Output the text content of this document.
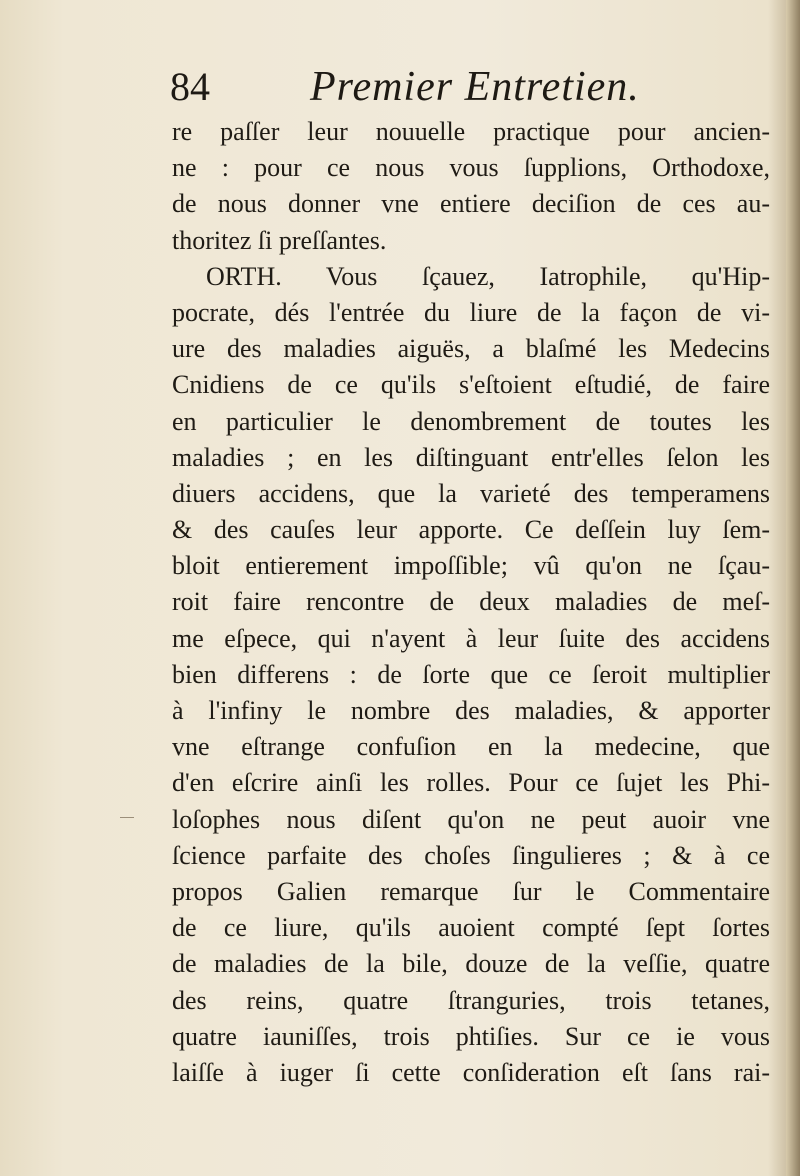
84 Premier Entretien.
re paſſer leur nouuelle practique pour ancien-
ne : pour ce nous vous ſupplions, Orthodoxe,
de nous donner vne entiere deciſion de ces au-
thoritez ſi preſſantes.
ORTH. Vous ſçauez, Iatrophile, qu'Hip-
pocrate, dés l'entrée du liure de la façon de vi-
ure des maladies aiguës, a blaſmé les Medecins
Cnidiens de ce qu'ils s'eſtoient eſtudié, de faire
en particulier le denombrement de toutes les
maladies ; en les diſtinguant entr'elles ſelon les
diuers accidens, que la varieté des temperamens
& des cauſes leur apporte. Ce deſſein luy ſem-
bloit entierement impoſſible; vû qu'on ne ſçau-
roit faire rencontre de deux maladies de meſ-
me eſpece, qui n'ayent à leur ſuite des accidens
bien differens : de ſorte que ce ſeroit multiplier
à l'infiny le nombre des maladies, & apporter
vne eſtrange confuſion en la medecine, que
d'en eſcrire ainſi les rolles. Pour ce ſujet les Phi-
loſophes nous diſent qu'on ne peut auoir vne
ſcience parfaite des choſes ſingulieres ; & à ce
propos Galien remarque ſur le Commentaire
de ce liure, qu'ils auoient compté ſept ſortes
de maladies de la bile, douze de la veſſie, quatre
des reins, quatre ſtranguries, trois tetanes,
quatre iauniſſes, trois phtiſies. Sur ce ie vous
laiſſe à iuger ſi cette conſideration eſt ſans rai-
